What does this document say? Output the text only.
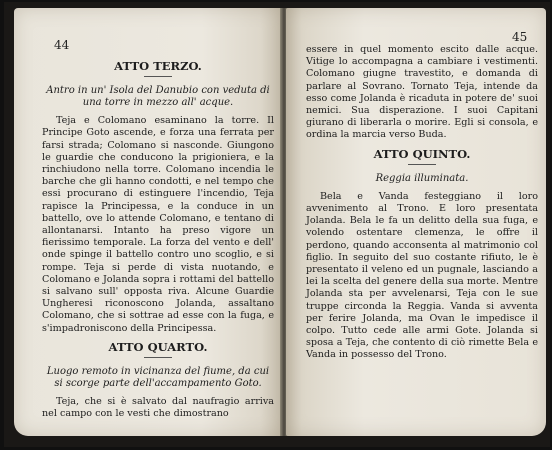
44
ATTO TERZO.
Antro in un' Isola del Danubio con veduta di una torre in mezzo all' acque.

Teja e Colomano esaminano la torre. Il Principe Goto ascende, e forza una ferrata per farsi strada; Colomano si nasconde. Giungono le guardie che conducono la prigioniera, e la rinchiudono nella torre. Colomano incendia le barche che gli hanno condotti, e nel tempo che essi procurano di estinguere l'incendio, Teja rapisce la Principessa, e la conduce in un battello, ove lo attende Colomano, e tentano di allontanarsi. Intanto ha preso vigore un fierissimo temporale. La forza del vento e dell' onde spinge il battello contro uno scoglio, e si rompe. Teja si perde di vista nuotando, e Colomano e Jolanda sopra i rottami del battello si salvano sull' opposta riva. Alcune Guardie Ungheresi riconoscono Jolanda, assaltano Colomano, che si sottrae ad esse con la fuga, e s'impadroniscono della Principessa.

ATTO QUARTO.
Luogo remoto in vicinanza del fiume, da cui si scorge parte dell'accampamento Goto.

Teja, che si è salvato dal naufragio arriva nel campo con le vesti che dimostrano

45

essere in quel momento escito dalle acque. Vitige lo accompagna a cambiare i vestimenti. Colomano giugne travestito, e domanda di parlare al Sovrano. Tornato Teja, intende da esso come Jolanda è ricaduta in potere de' suoi nemici. Sua disperazione. I suoi Capitani giurano di liberarla o morire. Egli si consola, e ordina la marcia verso Buda.

ATTO QUINTO.
Reggia illuminata.

Bela e Vanda festeggiano il loro avvenimento al Trono. E loro presentata Jolanda. Bela le fa un delitto della sua fuga, e volendo ostentare clemenza, le offre il perdono, quando acconsenta al matrimonio col figlio. In seguito del suo costante rifiuto, le è presentato il veleno ed un pugnale, lasciando a lei la scelta del genere della sua morte. Mentre Jolanda sta per avvelenarsi, Teja con le sue truppe circonda la Reggia. Vanda si avventa per ferire Jolanda, ma Ovan le impedisce il colpo. Tutto cede alle armi Gote. Jolanda si sposa a Teja, che contento di ciò rimette Bela e Vanda in possesso del Trono.
